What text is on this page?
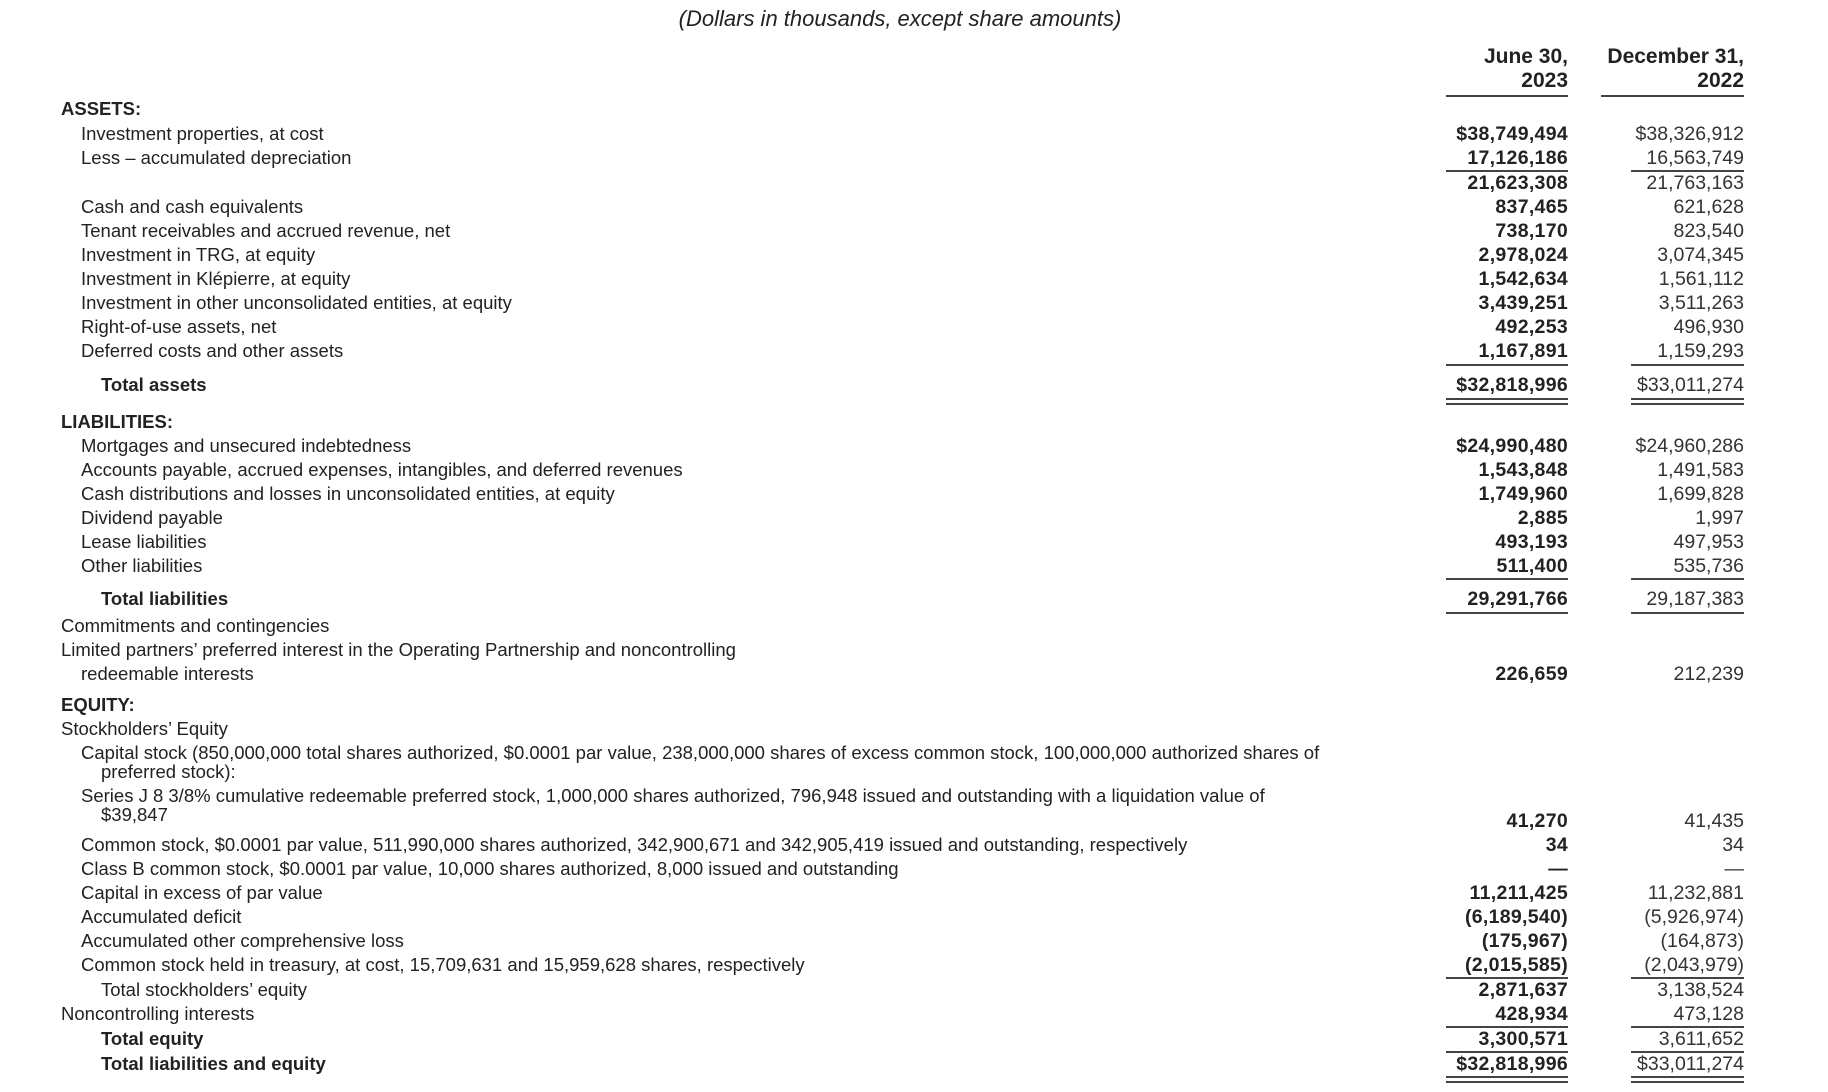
(Dollars in thousands, except share amounts)
June 30,
2023
December 31,
2022
ASSETS:
Investment properties, at cost	$38,749,494	$38,326,912
Less – accumulated depreciation	17,126,186	16,563,749
21,623,308	21,763,163
Cash and cash equivalents	837,465	621,628
Tenant receivables and accrued revenue, net	738,170	823,540
Investment in TRG, at equity	2,978,024	3,074,345
Investment in Klépierre, at equity	1,542,634	1,561,112
Investment in other unconsolidated entities, at equity	3,439,251	3,511,263
Right-of-use assets, net	492,253	496,930
Deferred costs and other assets	1,167,891	1,159,293
Total assets	$32,818,996	$33,011,274
LIABILITIES:
Mortgages and unsecured indebtedness	$24,990,480	$24,960,286
Accounts payable, accrued expenses, intangibles, and deferred revenues	1,543,848	1,491,583
Cash distributions and losses in unconsolidated entities, at equity	1,749,960	1,699,828
Dividend payable	2,885	1,997
Lease liabilities	493,193	497,953
Other liabilities	511,400	535,736
Total liabilities	29,291,766	29,187,383
Commitments and contingencies
Limited partners’ preferred interest in the Operating Partnership and noncontrolling
redeemable interests	226,659	212,239
EQUITY:
Stockholders’ Equity
Capital stock (850,000,000 total shares authorized, $0.0001 par value, 238,000,000 shares of excess common stock, 100,000,000 authorized shares of
preferred stock):
Series J 8 3/8% cumulative redeemable preferred stock, 1,000,000 shares authorized, 796,948 issued and outstanding with a liquidation value of
$39,847	41,270	41,435
Common stock, $0.0001 par value, 511,990,000 shares authorized, 342,900,671 and 342,905,419 issued and outstanding, respectively	34	34
Class B common stock, $0.0001 par value, 10,000 shares authorized, 8,000 issued and outstanding	—	—
Capital in excess of par value	11,211,425	11,232,881
Accumulated deficit	(6,189,540)	(5,926,974)
Accumulated other comprehensive loss	(175,967)	(164,873)
Common stock held in treasury, at cost, 15,709,631 and 15,959,628 shares, respectively	(2,015,585)	(2,043,979)
Total stockholders’ equity	2,871,637	3,138,524
Noncontrolling interests	428,934	473,128
Total equity	3,300,571	3,611,652
Total liabilities and equity	$32,818,996	$33,011,274
